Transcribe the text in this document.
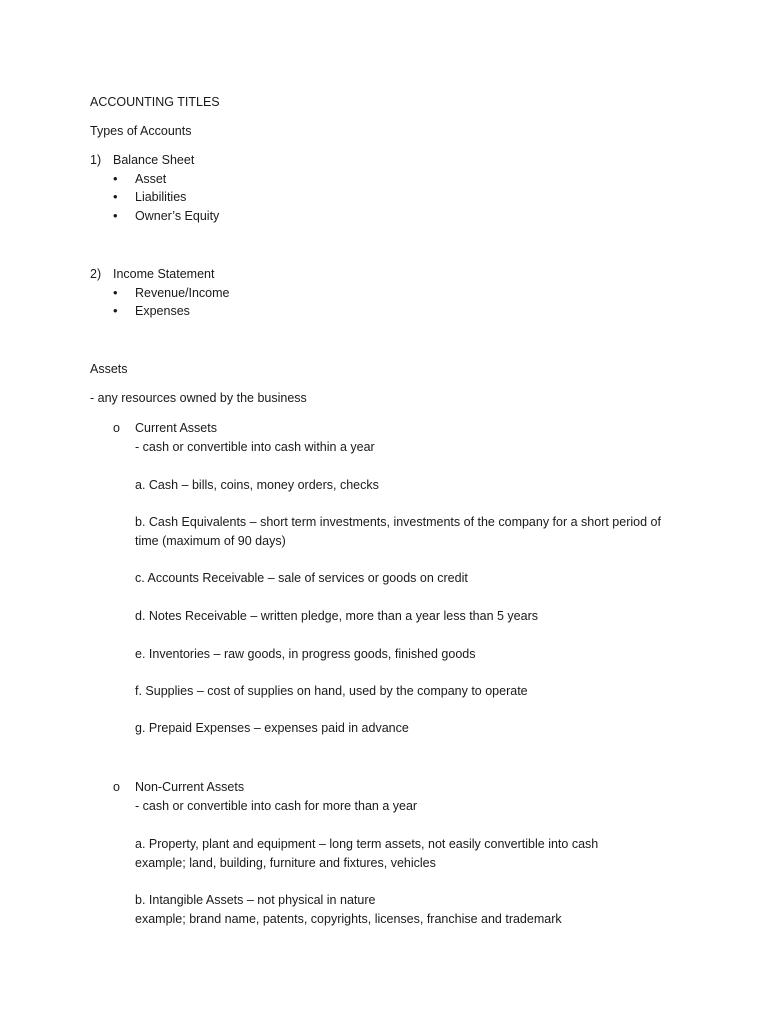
ACCOUNTING TITLES
Types of Accounts
1) Balance Sheet
• Asset
• Liabilities
• Owner’s Equity
2) Income Statement
• Revenue/Income
• Expenses
Assets
- any resources owned by the business
o Current Assets
- cash or convertible into cash within a year
a. Cash – bills, coins, money orders, checks
b. Cash Equivalents – short term investments, investments of the company for a short period of
time (maximum of 90 days)
c. Accounts Receivable – sale of services or goods on credit
d. Notes Receivable – written pledge, more than a year less than 5 years
e. Inventories – raw goods, in progress goods, finished goods
f. Supplies – cost of supplies on hand, used by the company to operate
g. Prepaid Expenses – expenses paid in advance
o Non-Current Assets
- cash or convertible into cash for more than a year
a. Property, plant and equipment – long term assets, not easily convertible into cash
example; land, building, furniture and fixtures, vehicles
b. Intangible Assets – not physical in nature
example; brand name, patents, copyrights, licenses, franchise and trademark
